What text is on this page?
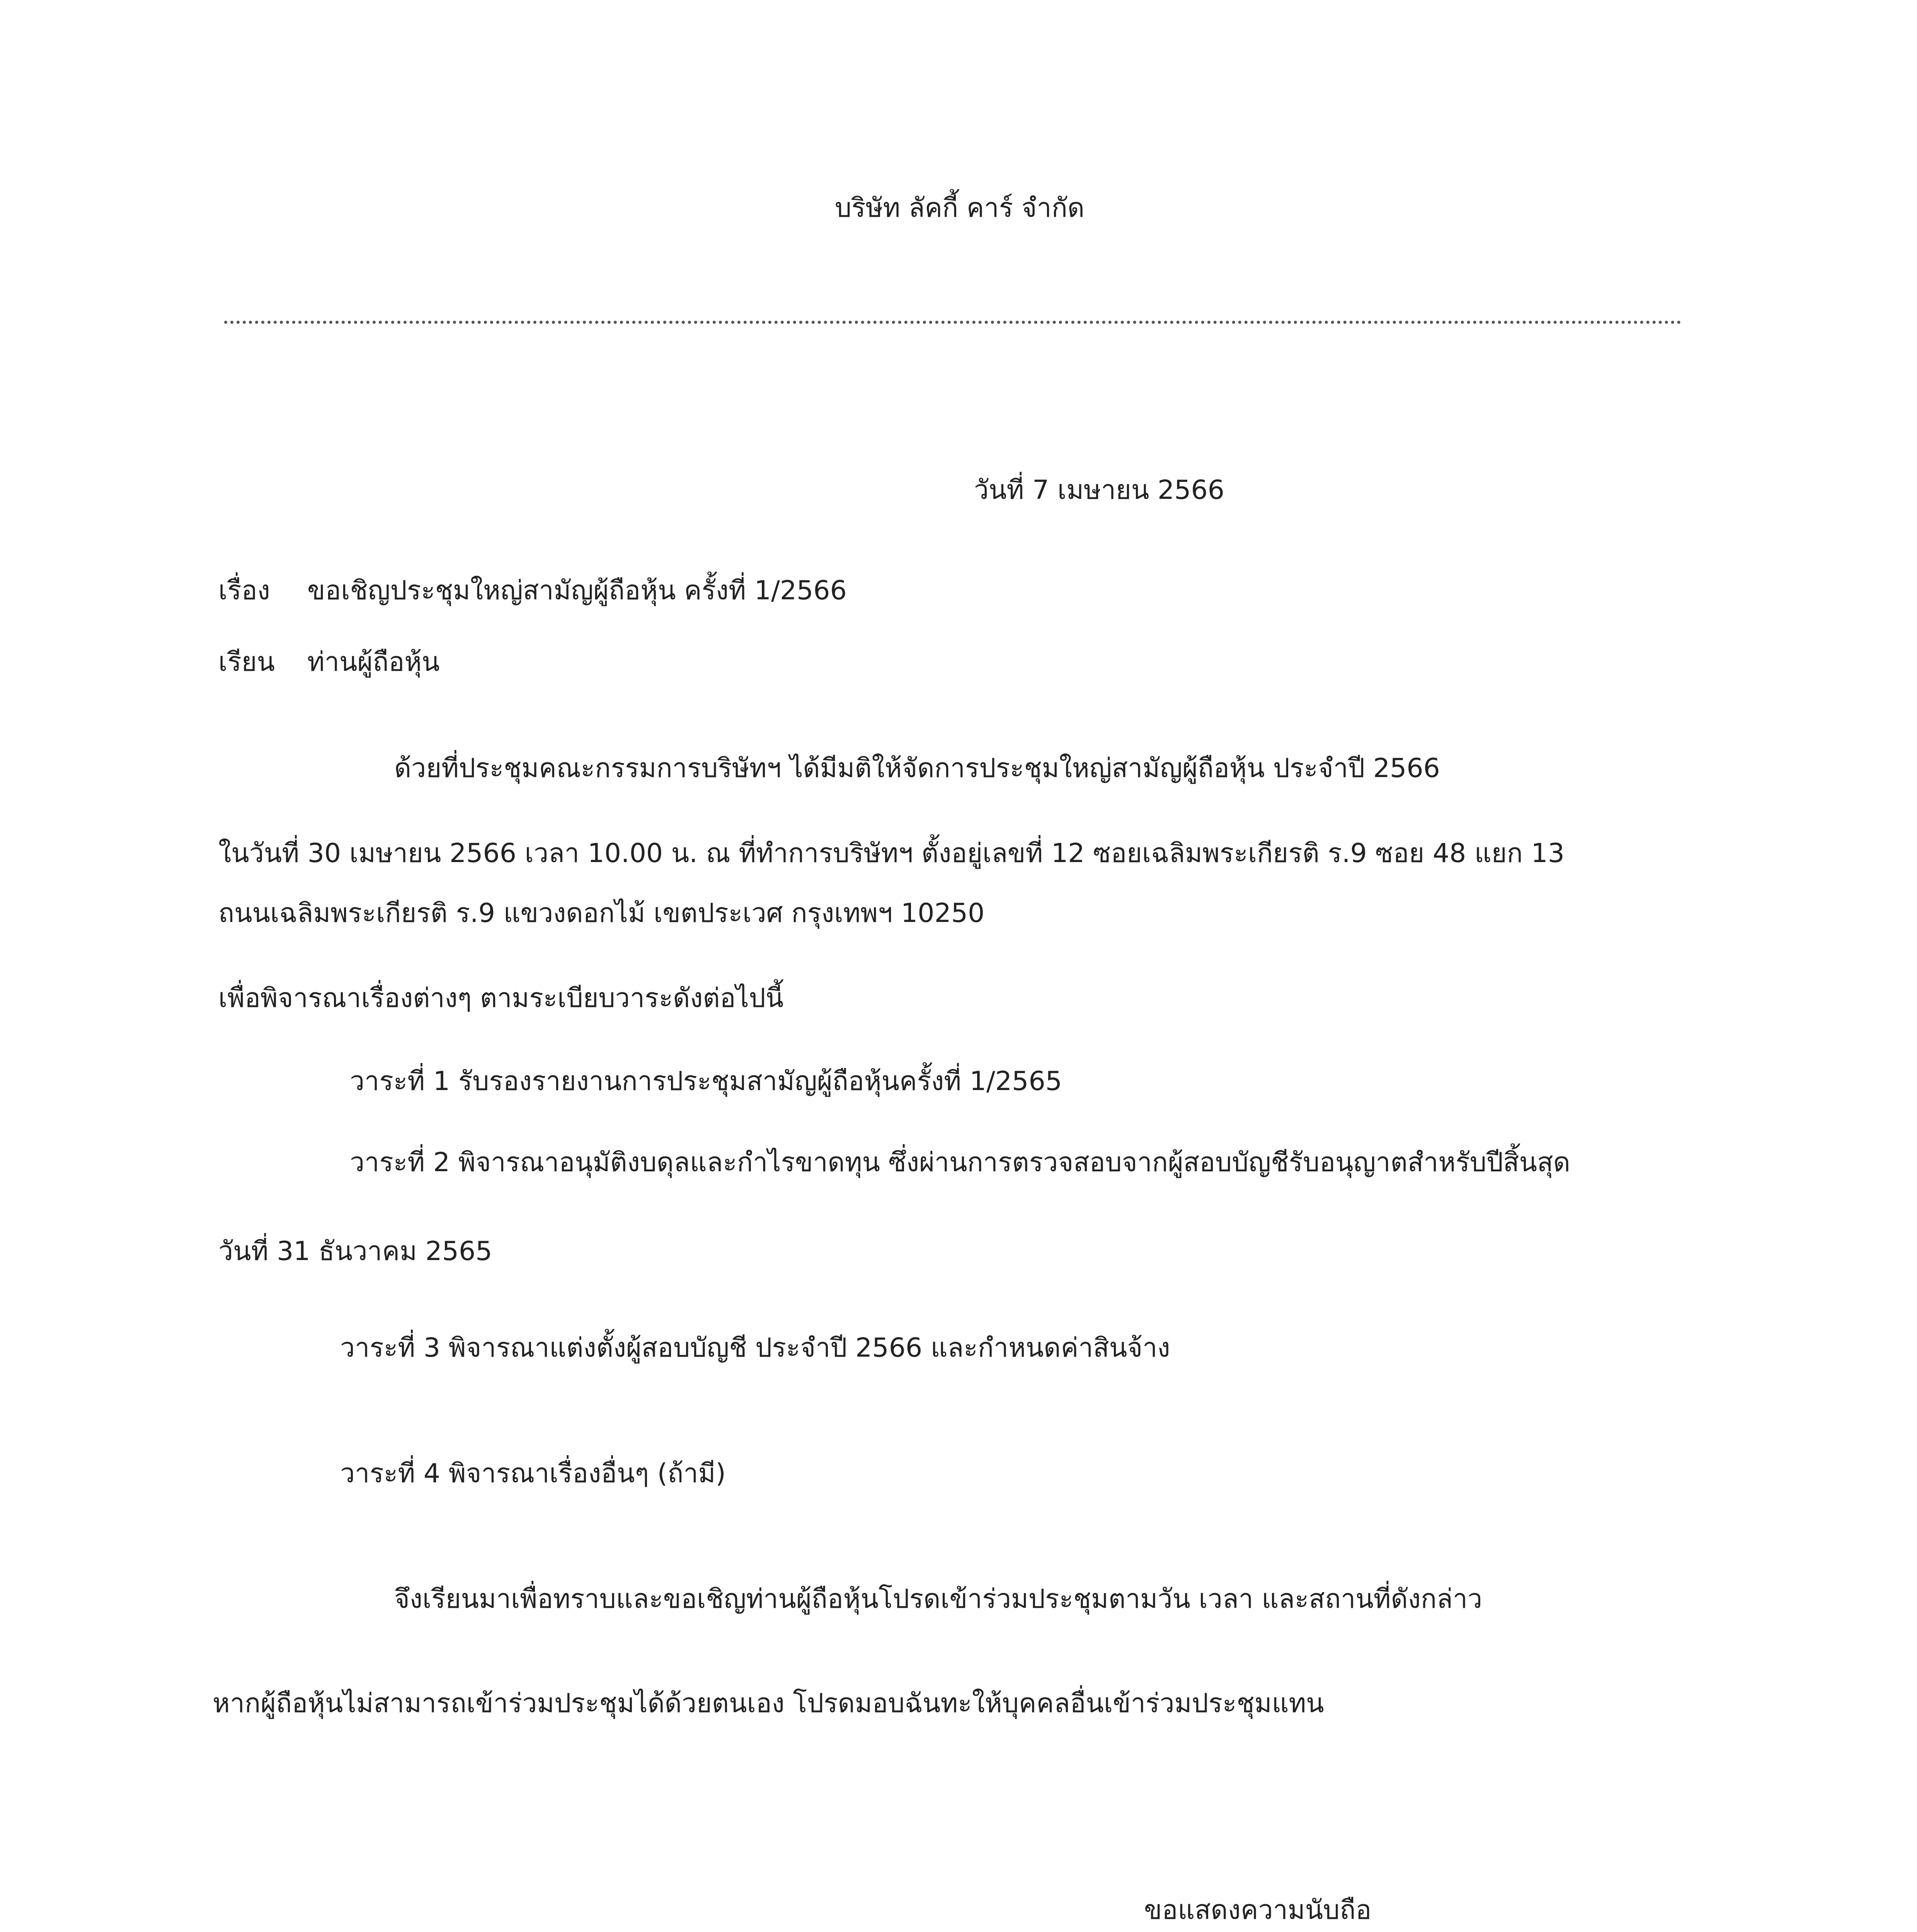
บริษัท ลัคกี้ คาร์ จำกัด
วันที่ 7 เมษายน 2566
เรื่อง ขอเชิญประชุมใหญ่สามัญผู้ถือหุ้น ครั้งที่ 1/2566
เรียน ท่านผู้ถือหุ้น
ด้วยที่ประชุมคณะกรรมการบริษัทฯ ได้มีมติให้จัดการประชุมใหญ่สามัญผู้ถือหุ้น ประจำปี 2566
ในวันที่ 30 เมษายน 2566 เวลา 10.00 น. ณ ที่ทำการบริษัทฯ ตั้งอยู่เลขที่ 12 ซอยเฉลิมพระเกียรติ ร.9 ซอย 48 แยก 13
ถนนเฉลิมพระเกียรติ ร.9 แขวงดอกไม้ เขตประเวศ กรุงเทพฯ 10250
เพื่อพิจารณาเรื่องต่างๆ ตามระเบียบวาระดังต่อไปนี้
วาระที่ 1 รับรองรายงานการประชุมสามัญผู้ถือหุ้นครั้งที่ 1/2565
วาระที่ 2 พิจารณาอนุมัติงบดุลและกำไรขาดทุน ซึ่งผ่านการตรวจสอบจากผู้สอบบัญชีรับอนุญาตสำหรับปีสิ้นสุด
วันที่ 31 ธันวาคม 2565
วาระที่ 3 พิจารณาแต่งตั้งผู้สอบบัญชี ประจำปี 2566 และกำหนดค่าสินจ้าง
วาระที่ 4 พิจารณาเรื่องอื่นๆ (ถ้ามี)
จึงเรียนมาเพื่อทราบและขอเชิญท่านผู้ถือหุ้นโปรดเข้าร่วมประชุมตามวัน เวลา และสถานที่ดังกล่าว
หากผู้ถือหุ้นไม่สามารถเข้าร่วมประชุมได้ด้วยตนเอง โปรดมอบฉันทะให้บุคคลอื่นเข้าร่วมประชุมแทน
ขอแสดงความนับถือ
